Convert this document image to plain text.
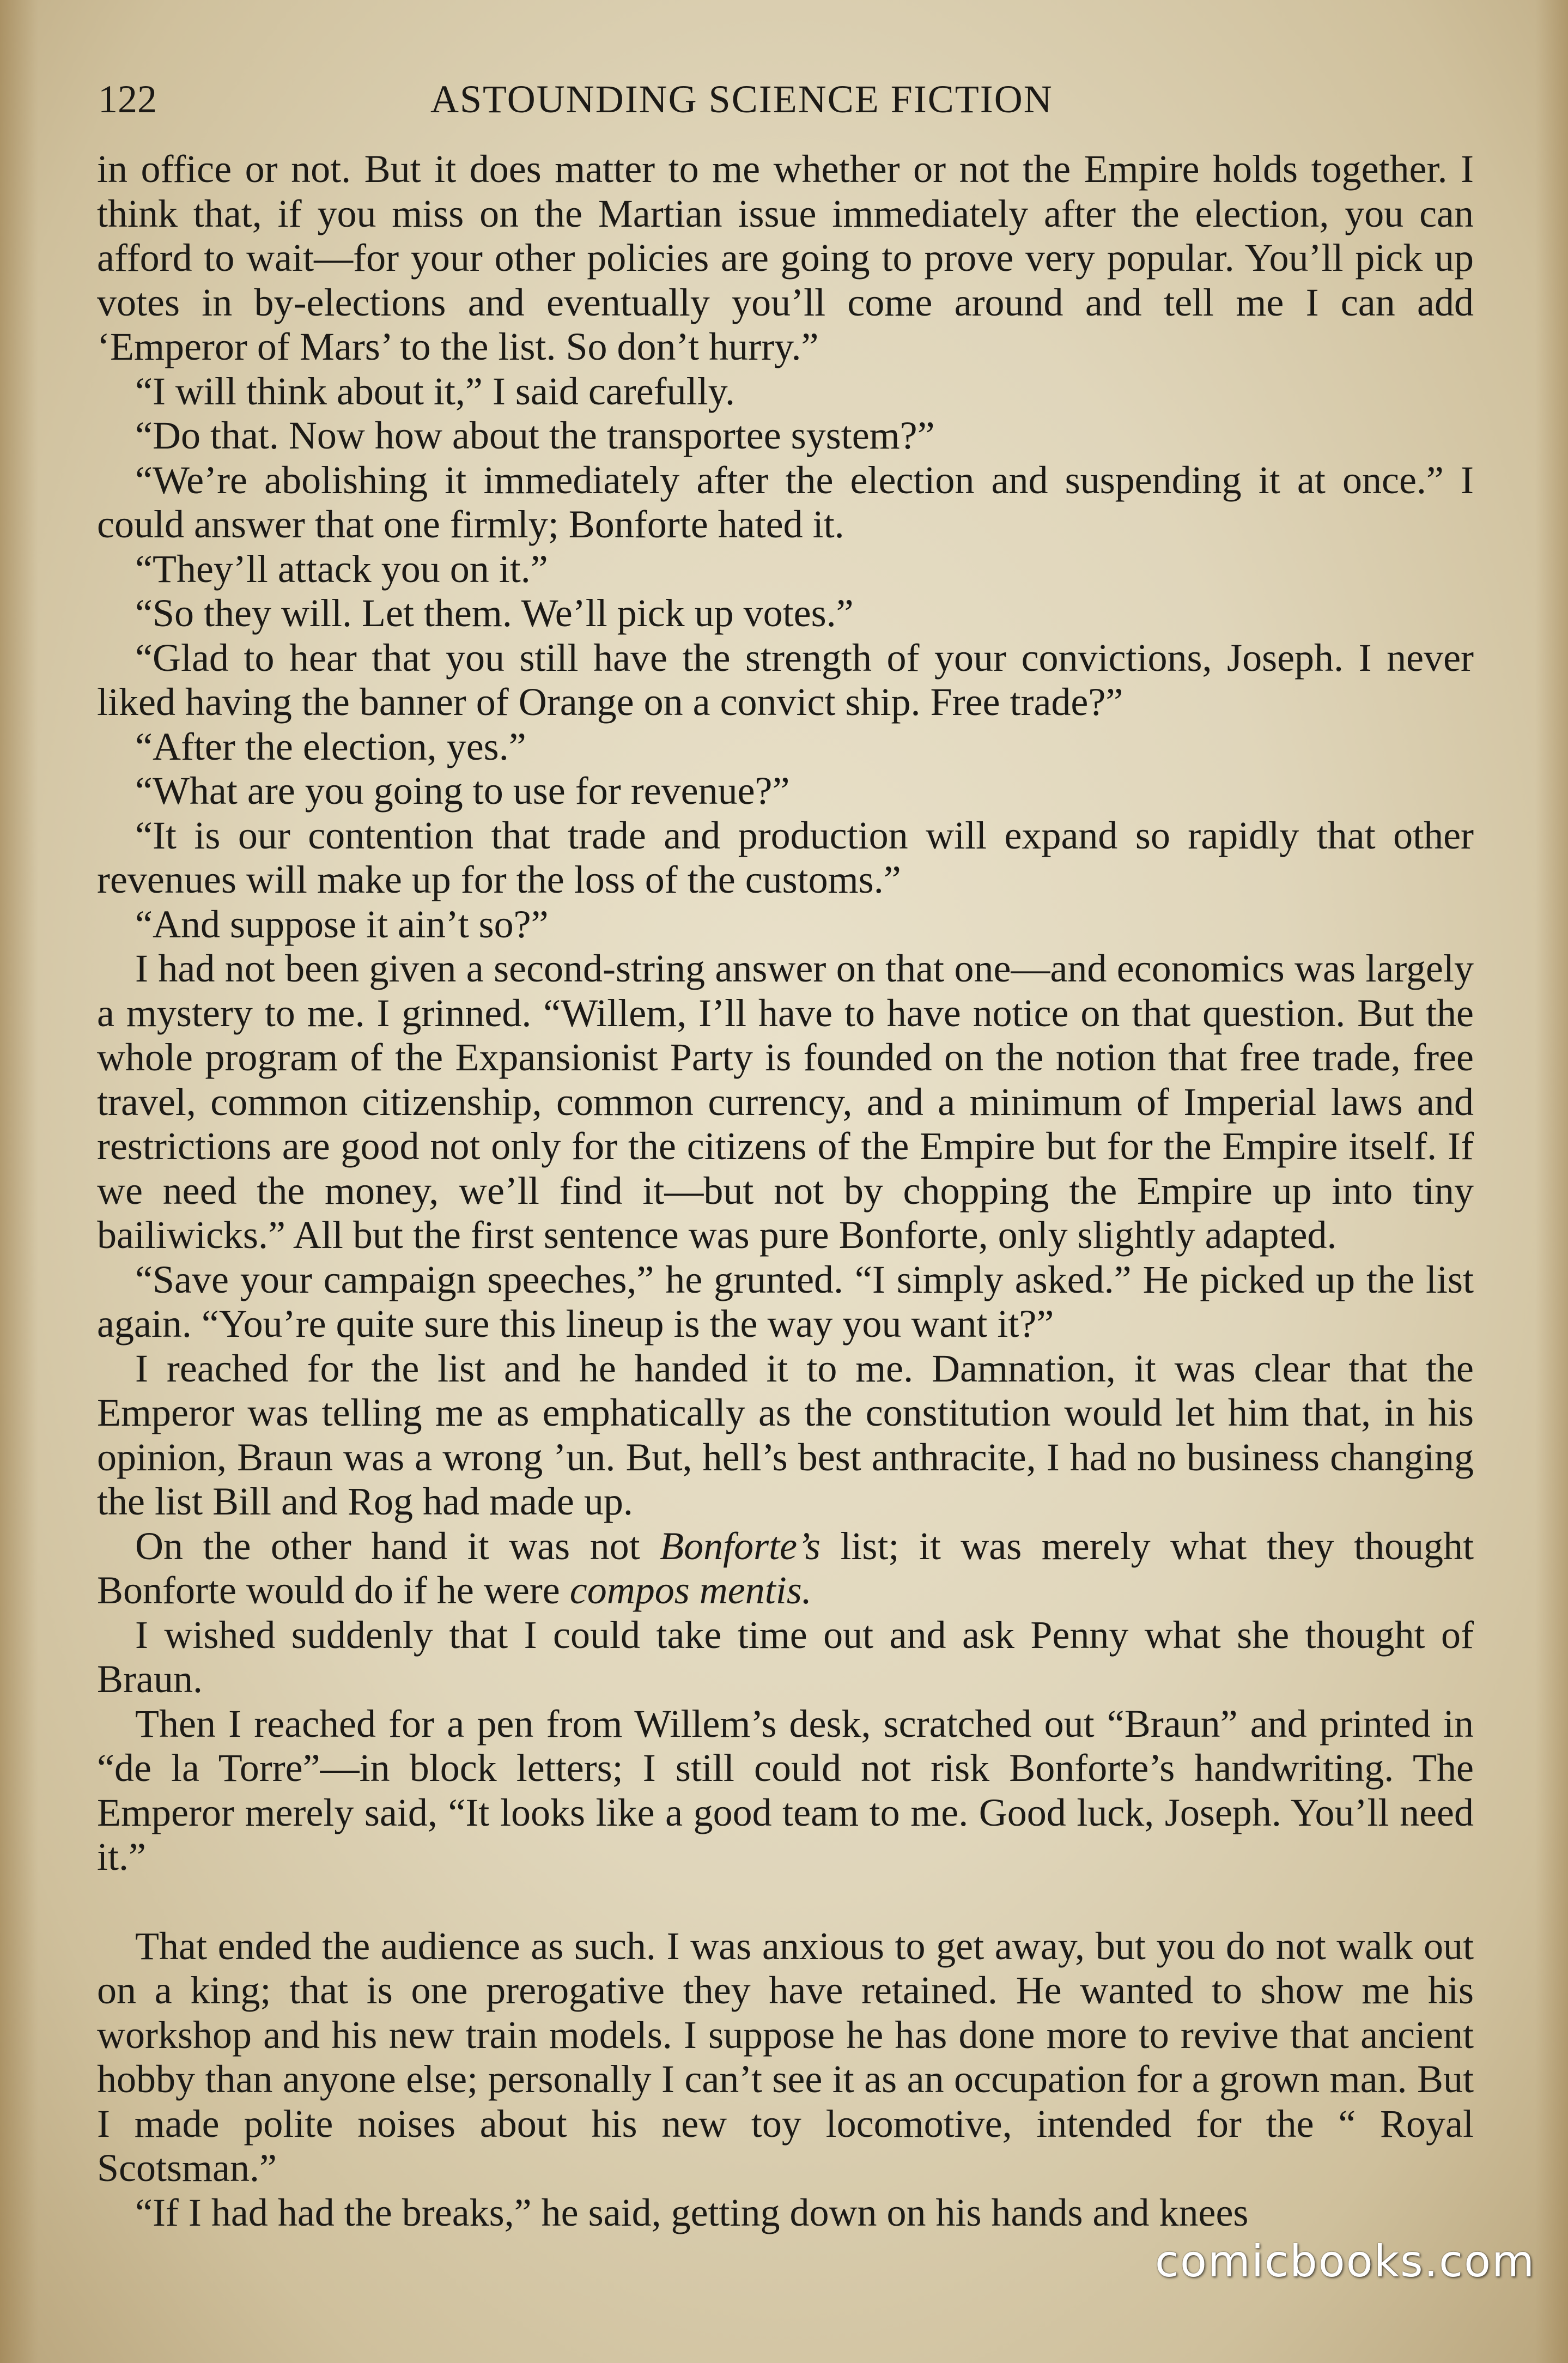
122	ASTOUNDING SCIENCE FICTION

in office or not. But it does matter to me whether or not the Empire holds together. I think that, if you miss on the Martian issue immediately after the election, you can afford to wait—for your other policies are going to prove very popular. You’ll pick up votes in by-elections and eventually you’ll come around and tell me I can add ‘Emperor of Mars’ to the list. So don’t hurry.”

“I will think about it,” I said carefully.

“Do that. Now how about the transportee system?”

“We’re abolishing it immediately after the election and suspending it at once.” I could answer that one firmly; Bonforte hated it.

“They’ll attack you on it.”

“So they will. Let them. We’ll pick up votes.”

“Glad to hear that you still have the strength of your convictions, Joseph. I never liked having the banner of Orange on a convict ship. Free trade?”

“After the election, yes.”

“What are you going to use for revenue?”

“It is our contention that trade and production will expand so rapidly that other revenues will make up for the loss of the customs.”

“And suppose it ain’t so?”

I had not been given a second-string answer on that one—and economics was largely a mystery to me. I grinned. “Willem, I’ll have to have notice on that question. But the whole program of the Expansionist Party is founded on the notion that free trade, free travel, common citizenship, common currency, and a minimum of Imperial laws and restrictions are good not only for the citizens of the Empire but for the Empire itself. If we need the money, we’ll find it—but not by chopping the Empire up into tiny bailiwicks.” All but the first sentence was pure Bonforte, only slightly adapted.

“Save your campaign speeches,” he grunted. “I simply asked.” He picked up the list again. “You’re quite sure this lineup is the way you want it?”

I reached for the list and he handed it to me. Damnation, it was clear that the Emperor was telling me as emphatically as the constitution would let him that, in his opinion, Braun was a wrong ’un. But, hell’s best anthracite, I had no business changing the list Bill and Rog had made up.

On the other hand it was not Bonforte’s list; it was merely what they thought Bonforte would do if he were compos mentis.

I wished suddenly that I could take time out and ask Penny what she thought of Braun.

Then I reached for a pen from Willem’s desk, scratched out “Braun” and printed in “de la Torre”—in block letters; I still could not risk Bonforte’s handwriting. The Emperor merely said, “It looks like a good team to me. Good luck, Joseph. You’ll need it.”

That ended the audience as such. I was anxious to get away, but you do not walk out on a king; that is one prerogative they have retained. He wanted to show me his workshop and his new train models. I suppose he has done more to revive that ancient hobby than anyone else; personally I can’t see it as an occupation for a grown man. But I made polite noises about his new toy locomotive, intended for the “ Royal Scotsman.”

“If I had had the breaks,” he said, getting down on his hands and knees

comicbooks.com
